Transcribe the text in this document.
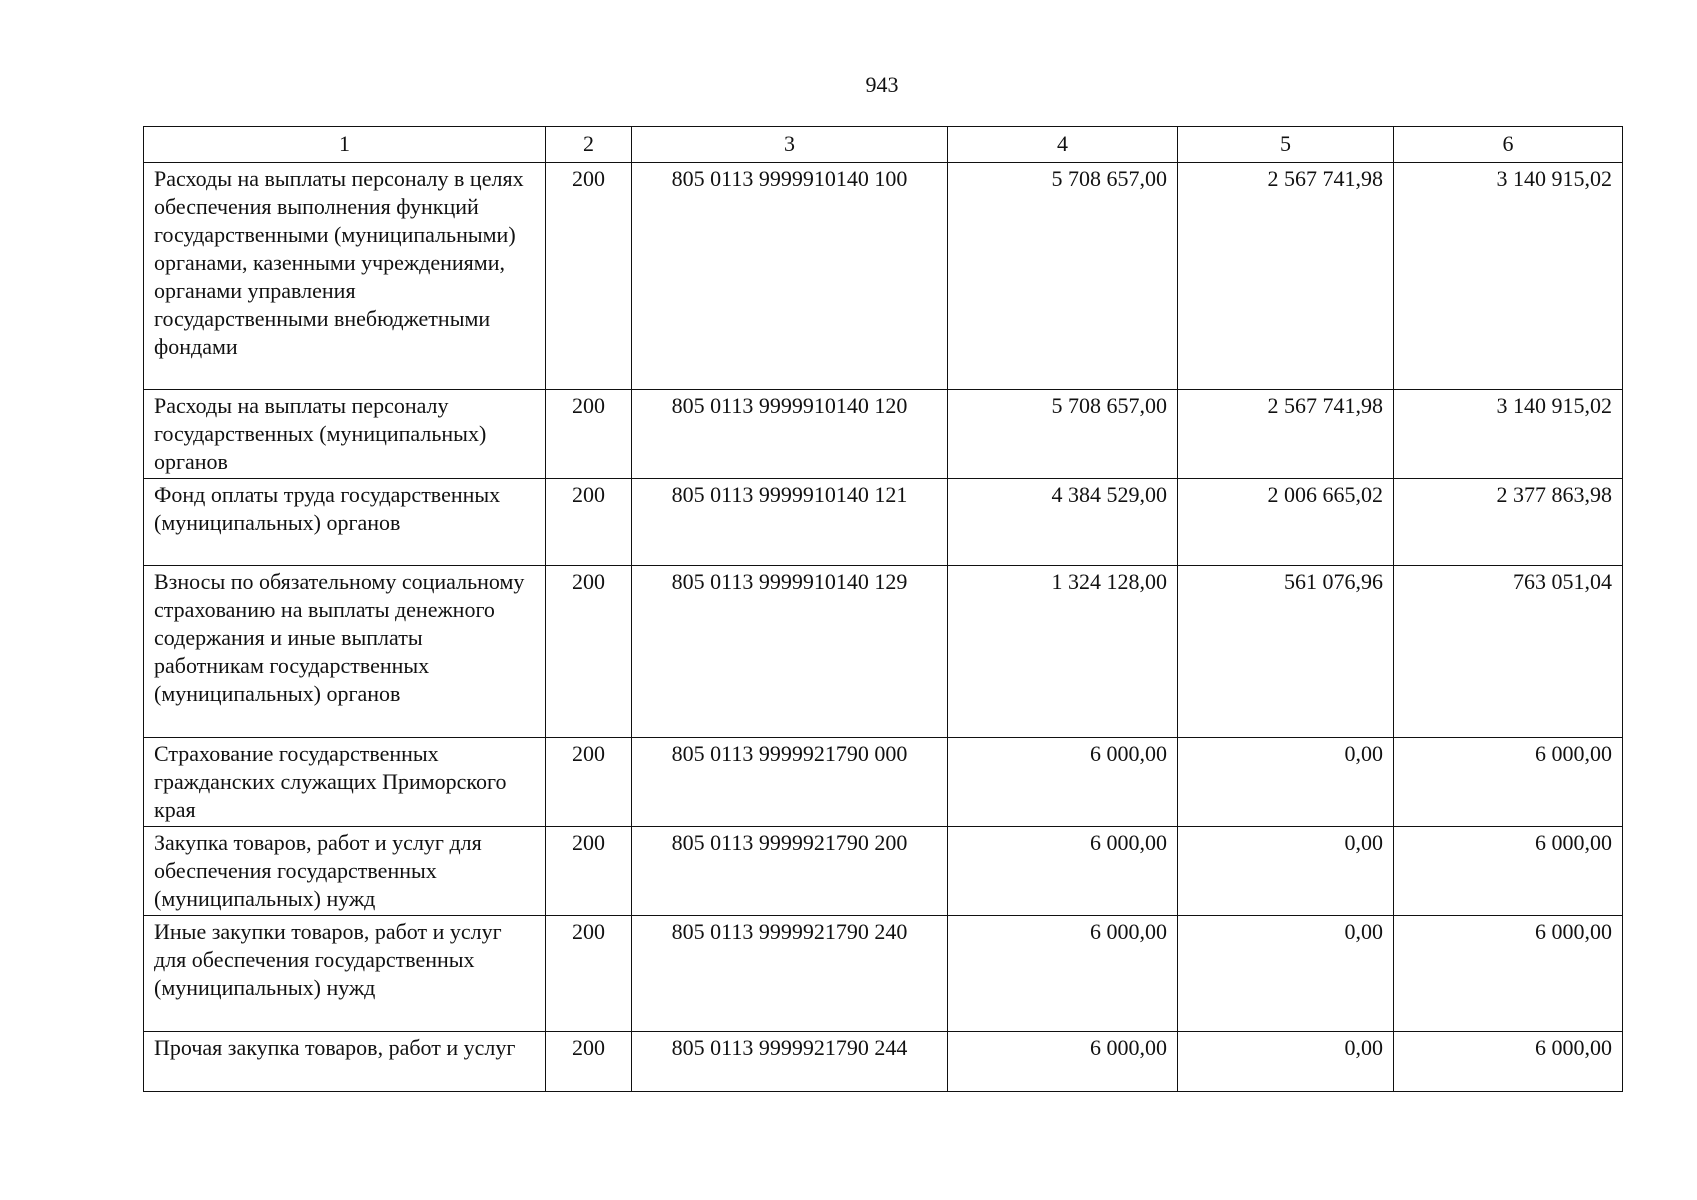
943
1	2	3	4	5	6
Расходы на выплаты персоналу в целях обеспечения выполнения функций государственными (муниципальными) органами, казенными учреждениями, органами управления государственными внебюджетными фондами	200	805 0113 9999910140 100	5 708 657,00	2 567 741,98	3 140 915,02
Расходы на выплаты персоналу государственных (муниципальных) органов	200	805 0113 9999910140 120	5 708 657,00	2 567 741,98	3 140 915,02
Фонд оплаты труда государственных (муниципальных) органов	200	805 0113 9999910140 121	4 384 529,00	2 006 665,02	2 377 863,98
Взносы по обязательному социальному страхованию на выплаты денежного содержания и иные выплаты работникам государственных (муниципальных) органов	200	805 0113 9999910140 129	1 324 128,00	561 076,96	763 051,04
Страхование государственных гражданских служащих Приморского края	200	805 0113 9999921790 000	6 000,00	0,00	6 000,00
Закупка товаров, работ и услуг для обеспечения государственных (муниципальных) нужд	200	805 0113 9999921790 200	6 000,00	0,00	6 000,00
Иные закупки товаров, работ и услуг для обеспечения государственных (муниципальных) нужд	200	805 0113 9999921790 240	6 000,00	0,00	6 000,00
Прочая закупка товаров, работ и услуг	200	805 0113 9999921790 244	6 000,00	0,00	6 000,00
